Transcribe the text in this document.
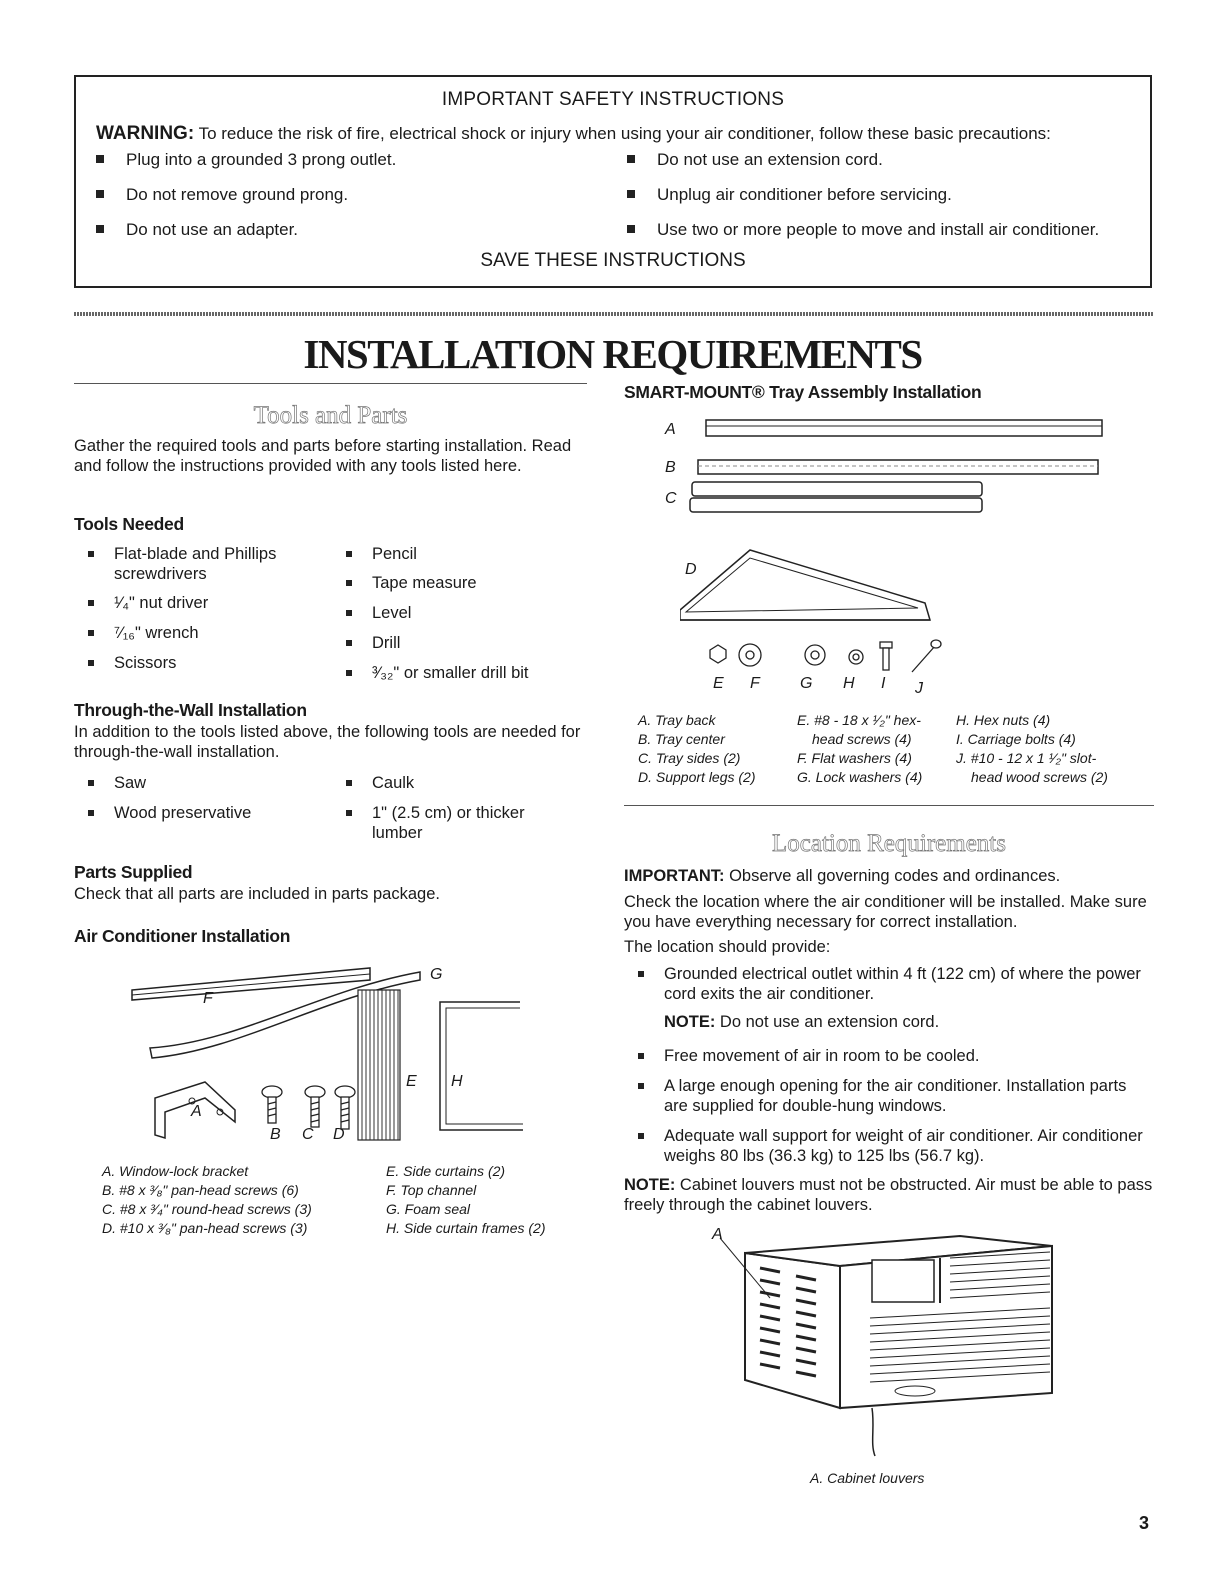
IMPORTANT SAFETY INSTRUCTIONS
WARNING: To reduce the risk of fire, electrical shock or injury when using your air conditioner, follow these basic precautions:
Plug into a grounded 3 prong outlet.
Do not remove ground prong.
Do not use an adapter.
Do not use an extension cord.
Unplug air conditioner before servicing.
Use two or more people to move and install air conditioner.
SAVE THESE INSTRUCTIONS
INSTALLATION REQUIREMENTS
Tools and Parts
Gather the required tools and parts before starting installation. Read and follow the instructions provided with any tools listed here.
Tools Needed
Flat-blade and Phillips screwdrivers
¹⁄₄" nut driver
⁷⁄₁₆" wrench
Scissors
Pencil
Tape measure
Level
Drill
³⁄₃₂" or smaller drill bit
Through-the-Wall Installation
In addition to the tools listed above, the following tools are needed for through-the-wall installation.
Saw
Wood preservative
Caulk
1" (2.5 cm) or thicker lumber
Parts Supplied
Check that all parts are included in parts package.
Air Conditioner Installation
F
G
E H
A
B C D
A. Window-lock bracket
B. #8 x ³⁄₈" pan-head screws (6)
C. #8 x ³⁄₄" round-head screws (3)
D. #10 x ³⁄₈" pan-head screws (3)
E. Side curtains (2)
F. Top channel
G. Foam seal
H. Side curtain frames (2)
SMART-MOUNT® Tray Assembly Installation
A
B
C
D
E F	G H I J
A. Tray back
B. Tray center
C. Tray sides (2)
D. Support legs (2)
E. #8 - 18 x ¹⁄₂" hex-
head screws (4)
F. Flat washers (4)
G. Lock washers (4)
H. Hex nuts (4)
I. Carriage bolts (4)
J. #10 - 12 x 1 ¹⁄₂" slot-
head wood screws (2)
Location Requirements
IMPORTANT: Observe all governing codes and ordinances.
Check the location where the air conditioner will be installed. Make sure you have everything necessary for correct installation.
The location should provide:
Grounded electrical outlet within 4 ft (122 cm) of where the power cord exits the air conditioner.
NOTE: Do not use an extension cord.
Free movement of air in room to be cooled.
A large enough opening for the air conditioner. Installation parts are supplied for double-hung windows.
Adequate wall support for weight of air conditioner. Air conditioner weighs 80 lbs (36.3 kg) to 125 lbs (56.7 kg).
NOTE: Cabinet louvers must not be obstructed. Air must be able to pass freely through the cabinet louvers.
A
A. Cabinet louvers
3
